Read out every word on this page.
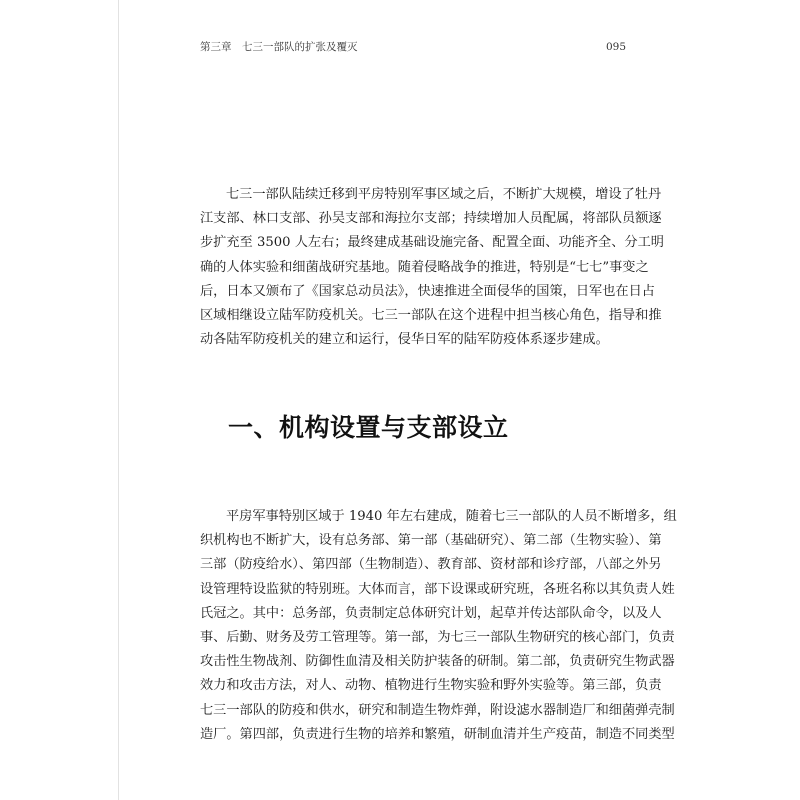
第三章　七三一部队的扩张及覆灭	095
七三一部队陆续迁移到平房特别军事区域之后，不断扩大规模，增设了牡丹
江支部、林口支部、孙吴支部和海拉尔支部；持续增加人员配属，将部队员额逐
步扩充至 3500 人左右；最终建成基础设施完备、配置全面、功能齐全、分工明
确的人体实验和细菌战研究基地。随着侵略战争的推进，特别是“七七”事变之
后，日本又颁布了《国家总动员法》，快速推进全面侵华的国策，日军也在日占
区域相继设立陆军防疫机关。七三一部队在这个进程中担当核心角色，指导和推
动各陆军防疫机关的建立和运行，侵华日军的陆军防疫体系逐步建成。
一、机构设置与支部设立
平房军事特别区域于 1940 年左右建成，随着七三一部队的人员不断增多，组
织机构也不断扩大，设有总务部、第一部（基础研究）、第二部（生物实验）、第
三部（防疫给水）、第四部（生物制造）、教育部、资材部和诊疗部，八部之外另
设管理特设监狱的特别班。大体而言，部下设课或研究班，各班名称以其负责人姓
氏冠之。其中：总务部，负责制定总体研究计划，起草并传达部队命令，以及人
事、后勤、财务及劳工管理等。第一部，为七三一部队生物研究的核心部门，负责
攻击性生物战剂、防御性血清及相关防护装备的研制。第二部，负责研究生物武器
效力和攻击方法，对人、动物、植物进行生物实验和野外实验等。第三部，负责
七三一部队的防疫和供水，研究和制造生物炸弹，附设滤水器制造厂和细菌弹壳制
造厂。第四部，负责进行生物的培养和繁殖，研制血清并生产疫苗，制造不同类型
